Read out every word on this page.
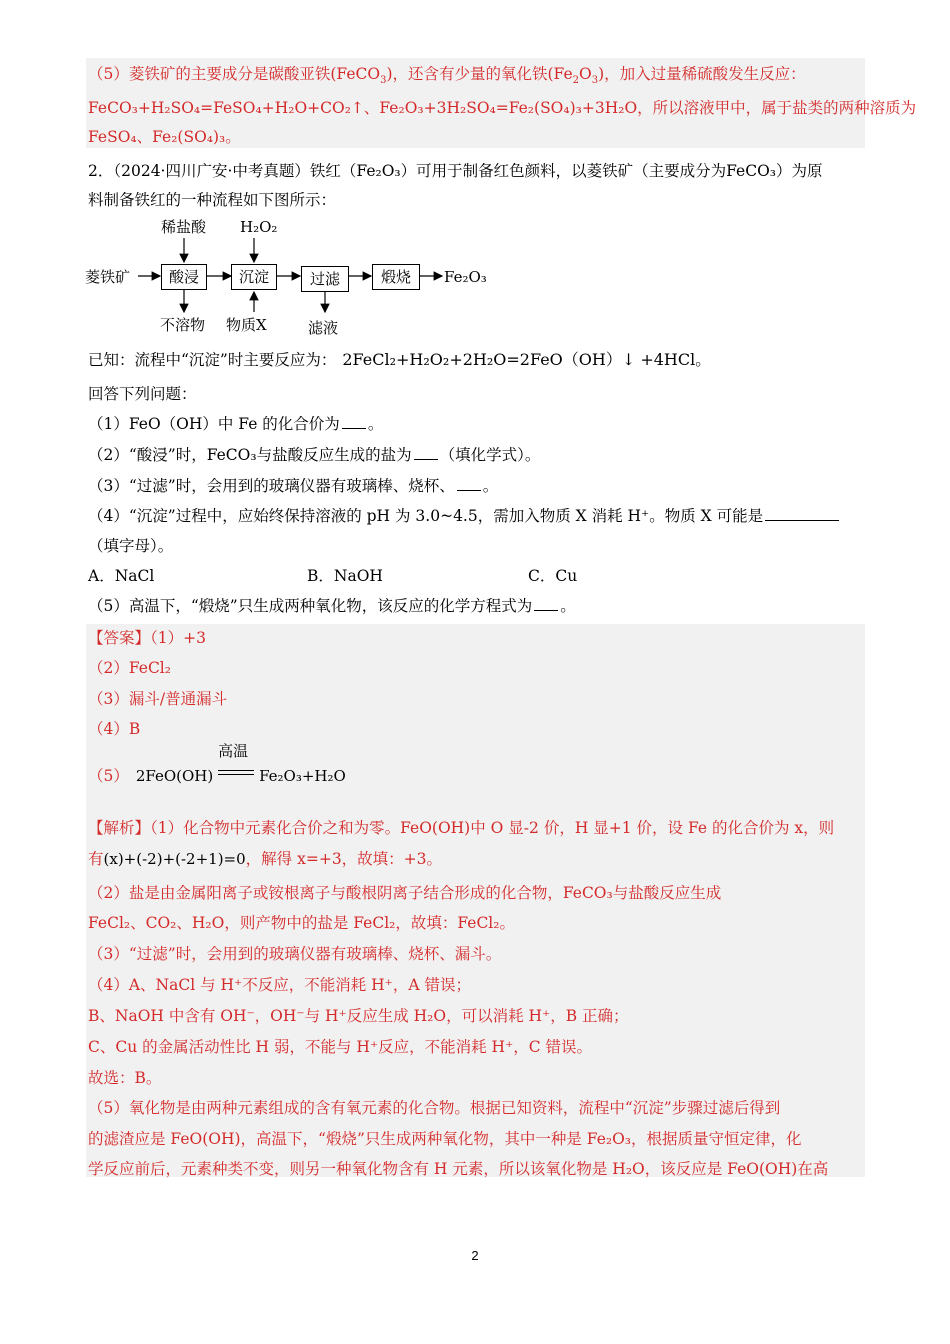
（5）菱铁矿的主要成分是碳酸亚铁(FeCO$_3$)，还含有少量的氧化铁$(Fe_2O_3)$，加入过量稀硫酸发生反应：
FeCO₃+H₂SO₄=FeSO₄+H₂O+CO₂↑、Fe₂O₃+3H₂SO₄=Fe₂(SO₄)₃+3H₂O，所以溶液甲中，属于盐类的两种溶质为
FeSO₄、Fe₂(SO₄)₃。
2．（2024·四川广安·中考真题）铁红（Fe₂O₃）可用于制备红色颜料，以菱铁矿（主要成分为FeCO₃）为原
料制备铁红的一种流程如下图所示：
菱铁矿	酸浸	沉淀	过滤	煅烧	Fe₂O₃
稀盐酸 H₂O₂
不溶物 物质X	滤液
已知：流程中“沉淀”时主要反应为： 2FeCl₂+H₂O₂+2H₂O=2FeO（OH）↓ +4HCl。
回答下列问题：
（1）FeO（OH）中 Fe 的化合价为 。
（2）“酸浸”时，FeCO₃与盐酸反应生成的盐为 （填化学式）。
（3）“过滤”时，会用到的玻璃仪器有玻璃棒、烧杯、 。
（4）“沉淀”过程中，应始终保持溶液的 pH 为 3.0~4.5，需加入物质 X 消耗 H⁺。物质 X 可能是
（填字母）。
A．NaCl	B．NaOH	C．Cu
（5）高温下，“煅烧”只生成两种氧化物，该反应的化学方程式为 。
【答案】（1）+3
（2）FeCl₂
（3）漏斗/普通漏斗
（4）B
（5） 2FeO(OH)
高温
Fe₂O₃+H₂O
【解析】（1）化合物中元素化合价之和为零。FeO(OH)中 O 显-2 价，H 显+1 价，设 Fe 的化合价为 x，则
有(x)+(-2)+(-2+1)=0，解得 x=+3，故填：+3。
（2）盐是由金属阳离子或铵根离子与酸根阴离子结合形成的化合物，FeCO₃与盐酸反应生成
FeCl₂、CO₂、H₂O，则产物中的盐是 FeCl₂，故填：FeCl₂。
（3）“过滤”时，会用到的玻璃仪器有玻璃棒、烧杯、漏斗。
（4）A、NaCl 与 H⁺不反应，不能消耗 H⁺，A 错误；
B、NaOH 中含有 OH⁻，OH⁻与 H⁺反应生成 H₂O，可以消耗 H⁺，B 正确；
C、Cu 的金属活动性比 H 弱，不能与 H⁺反应，不能消耗 H⁺，C 错误。
故选：B。
（5）氧化物是由两种元素组成的含有氧元素的化合物。根据已知资料，流程中“沉淀”步骤过滤后得到
的滤渣应是 FeO(OH)，高温下，“煅烧”只生成两种氧化物，其中一种是 Fe₂O₃，根据质量守恒定律，化
学反应前后，元素种类不变，则另一种氧化物含有 H 元素，所以该氧化物是 H₂O，该反应是 FeO(OH)在高
2
